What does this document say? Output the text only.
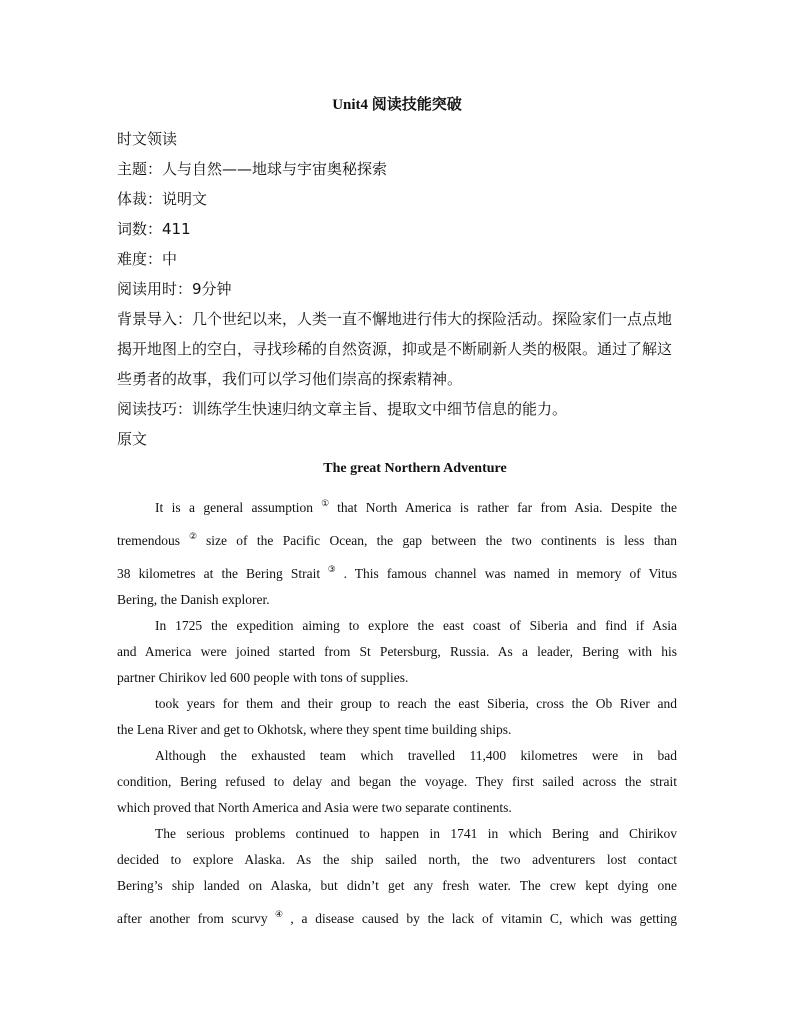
Unit4 阅读技能突破
时文领读
主题：人与自然——地球与宇宙奥秘探索
体裁：说明文
词数：411
难度：中
阅读用时：9分钟
背景导入：几个世纪以来，人类一直不懈地进行伟大的探险活动。探险家们一点点地揭开地图上的空白，寻找珍稀的自然资源，抑或是不断刷新人类的极限。通过了解这些勇者的故事，我们可以学习他们崇高的探索精神。
阅读技巧：训练学生快速归纳文章主旨、提取文中细节信息的能力。
原文
The great Northern Adventure
It is a general assumption ① that North America is rather far from Asia. Despite the
tremendous ② size of the Pacific Ocean, the gap between the two continents is less than
38 kilometres at the Bering Strait ③ . This famous channel was named in memory of Vitus
Bering, the Danish explorer.
In 1725 the expedition aiming to explore the east coast of Siberia and find if Asia
and America were joined started from St Petersburg, Russia. As a leader, Bering with his
partner Chirikov led 600 people with tons of supplies.
took years for them and their group to reach the east Siberia, cross the Ob River and
the Lena River and get to Okhotsk, where they spent time building ships.
Although the exhausted team which travelled 11,400 kilometres were in bad
condition, Bering refused to delay and began the voyage. They first sailed across the strait
which proved that North America and Asia were two separate continents.
The serious problems continued to happen in 1741 in which Bering and Chirikov
decided to explore Alaska. As the ship sailed north, the two adventurers lost contact
Bering’s ship landed on Alaska, but didn’t get any fresh water. The crew kept dying one
after another from scurvy ④ , a disease caused by the lack of vitamin C, which was getting
